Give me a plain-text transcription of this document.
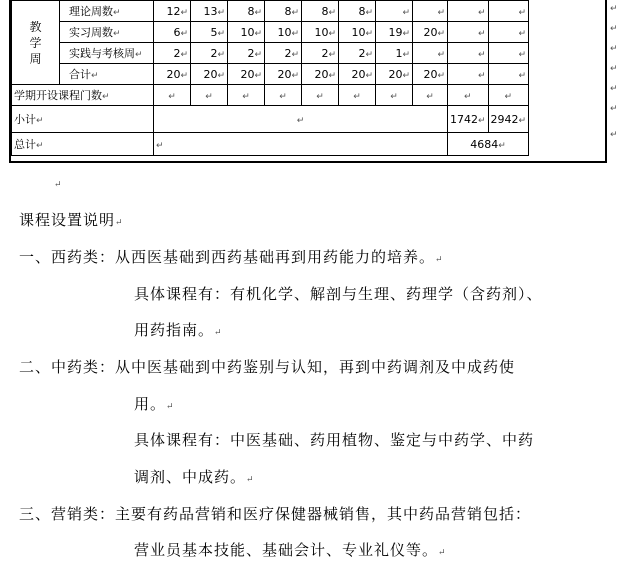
教
学
周	理论周数↵	12↵	13↵	8↵	8↵	8↵	8↵	↵	↵	↵	↵
	实习周数↵	6↵	5↵	10↵	10↵	10↵	10↵	19↵	20↵	↵	↵
	实践与考核周↵	2↵	2↵	2↵	2↵	2↵	2↵	1↵	↵	↵	↵
	合计↵	20↵	20↵	20↵	20↵	20↵	20↵	20↵	20↵	↵	↵
学期开设课程门数↵		↵	↵	↵	↵	↵	↵	↵	↵	↵	↵
小计↵		↵								1742↵	2942↵
总计↵		↵								4684↵	
↵
课程设置说明↵
一、西药类：从西医基础到西药基础再到用药能力的培养。↵
具体课程有：有机化学、解剖与生理、药理学（含药剂）、
用药指南。↵
二、中药类：从中医基础到中药鉴别与认知，再到中药调剂及中成药使
用。↵
具体课程有：中医基础、药用植物、鉴定与中药学、中药
调剂、中成药。↵
三、营销类：主要有药品营销和医疗保健器械销售，其中药品营销包括：
营业员基本技能、基础会计、专业礼仪等。↵
↵
↵
↵
↵
↵
↵
↵
